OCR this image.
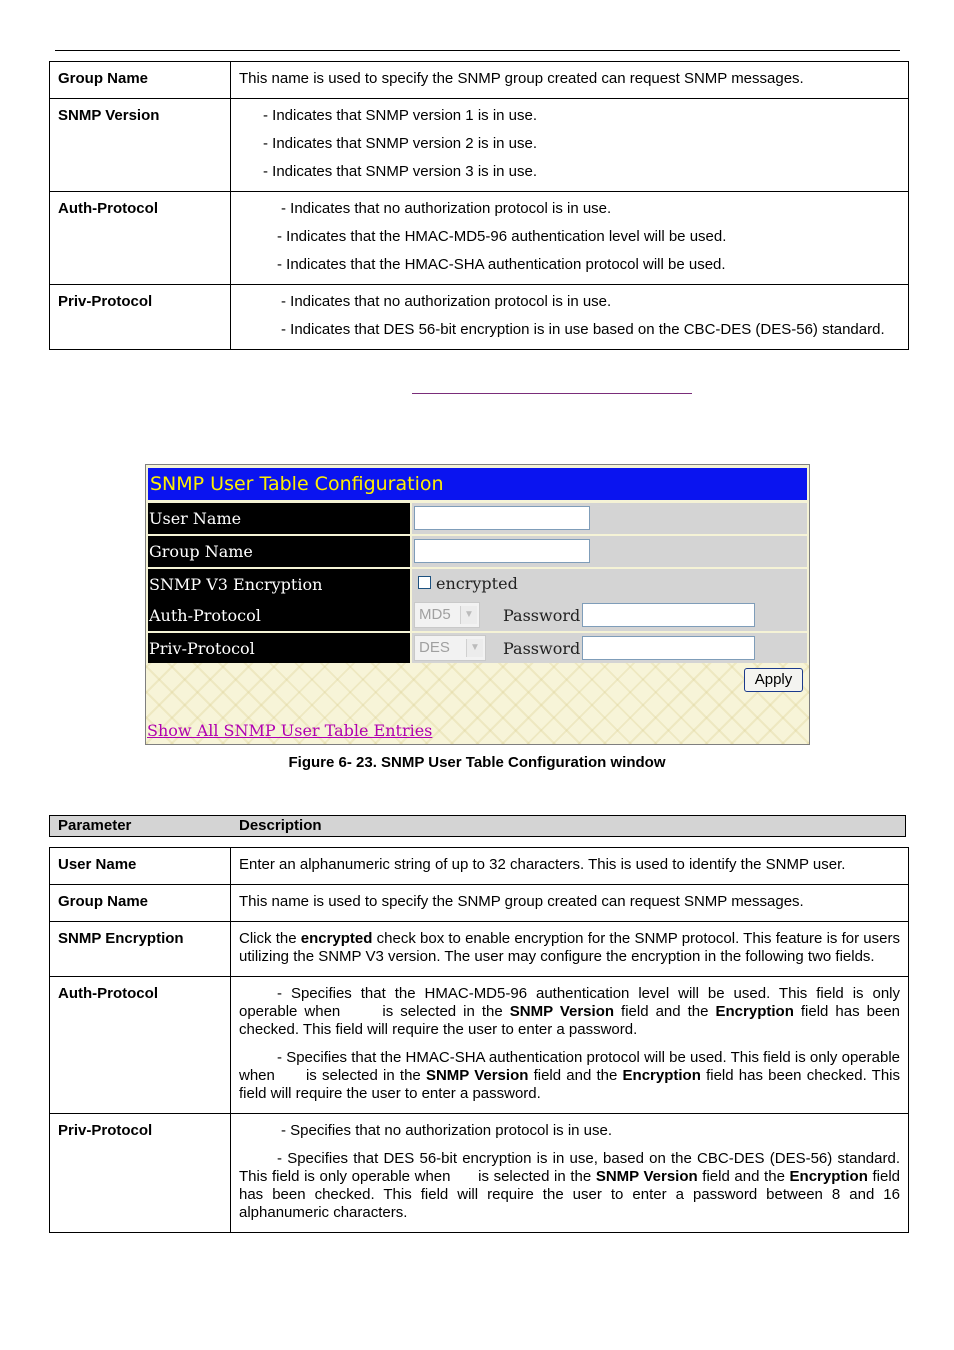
Group Name	This name is used to specify the SNMP group created can request SNMP messages.

SNMP Version	- Indicates that SNMP version 1 is in use.

- Indicates that SNMP version 2 is in use.

- Indicates that SNMP version 3 is in use.

Auth-Protocol	- Indicates that no authorization protocol is in use.

- Indicates that the HMAC-MD5-96 authentication level will be used.

- Indicates that the HMAC-SHA authentication protocol will be used.

Priv-Protocol	- Indicates that no authorization protocol is in use.

- Indicates that DES 56-bit encryption is in use based on the CBC-DES (DES-56) standard.

SNMP User Table Configuration
User Name
Group Name
SNMP V3 Encryption	encrypted
Auth-Protocol	MD5	▼ Password
Priv-Protocol	DES	▼ Password
Apply
Show All SNMP User Table Entries
Figure 6- 23. SNMP User Table Configuration window
Parameter	Description
User Name	Enter an alphanumeric string of up to 32 characters. This is used to identify the SNMP user.

Group Name	This name is used to specify the SNMP group created can request SNMP messages.

SNMP Encryption	Click the encrypted check box to enable encryption for the SNMP protocol. This feature is for users utilizing the SNMP V3 version. The user may configure the encryption in the following two fields.

Auth-Protocol	- Specifies that the HMAC-MD5-96 authentication level will be used. This field is only operable when      is selected in the SNMP Version field and the Encryption field has been checked. This field will require the user to enter a password.

- Specifies that the HMAC-SHA authentication protocol will be used. This field is only operable when      is selected in the SNMP Version field and the Encryption field has been checked. This field will require the user to enter a password.

Priv-Protocol	- Specifies that no authorization protocol is in use.

- Specifies that DES 56-bit encryption is in use, based on the CBC-DES (DES-56) standard. This field is only operable when      is selected in the SNMP Version field and the Encryption field has been checked. This field will require the user to enter a password between 8 and 16 alphanumeric characters.
